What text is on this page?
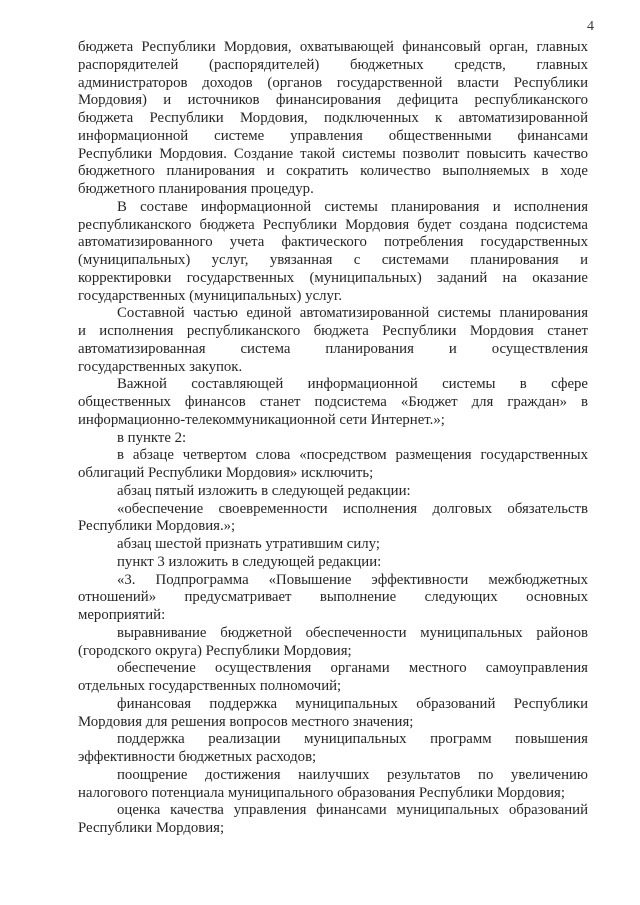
4
бюджета Республики Мордовия, охватывающей финансовый орган, главных
распорядителей (распорядителей) бюджетных средств, главных
администраторов доходов (органов государственной власти Республики
Мордовия) и источников финансирования дефицита республиканского
бюджета Республики Мордовия, подключенных к автоматизированной
информационной системе управления общественными финансами
Республики Мордовия. Создание такой системы позволит повысить качество
бюджетного планирования и сократить количество выполняемых в ходе
бюджетного планирования процедур.
В составе информационной системы планирования и исполнения
республиканского бюджета Республики Мордовия будет создана подсистема
автоматизированного учета фактического потребления государственных
(муниципальных) услуг, увязанная с системами планирования и
корректировки государственных (муниципальных) заданий на оказание
государственных (муниципальных) услуг.
Составной частью единой автоматизированной системы планирования
и исполнения республиканского бюджета Республики Мордовия станет
автоматизированная система планирования и осуществления
государственных закупок.
Важной составляющей информационной системы в сфере
общественных финансов станет подсистема «Бюджет для граждан» в
информационно-телекоммуникационной сети Интернет.»;
в пункте 2:
в абзаце четвертом слова «посредством размещения государственных
облигаций Республики Мордовия» исключить;
абзац пятый изложить в следующей редакции:
«обеспечение своевременности исполнения долговых обязательств
Республики Мордовия.»;
абзац шестой признать утратившим силу;
пункт 3 изложить в следующей редакции:
«3. Подпрограмма «Повышение эффективности межбюджетных
отношений» предусматривает выполнение следующих основных
мероприятий:
выравнивание бюджетной обеспеченности муниципальных районов
(городского округа) Республики Мордовия;
обеспечение осуществления органами местного самоуправления
отдельных государственных полномочий;
финансовая поддержка муниципальных образований Республики
Мордовия для решения вопросов местного значения;
поддержка реализации муниципальных программ повышения
эффективности бюджетных расходов;
поощрение достижения наилучших результатов по увеличению
налогового потенциала муниципального образования Республики Мордовия;
оценка качества управления финансами муниципальных образований
Республики Мордовия;
